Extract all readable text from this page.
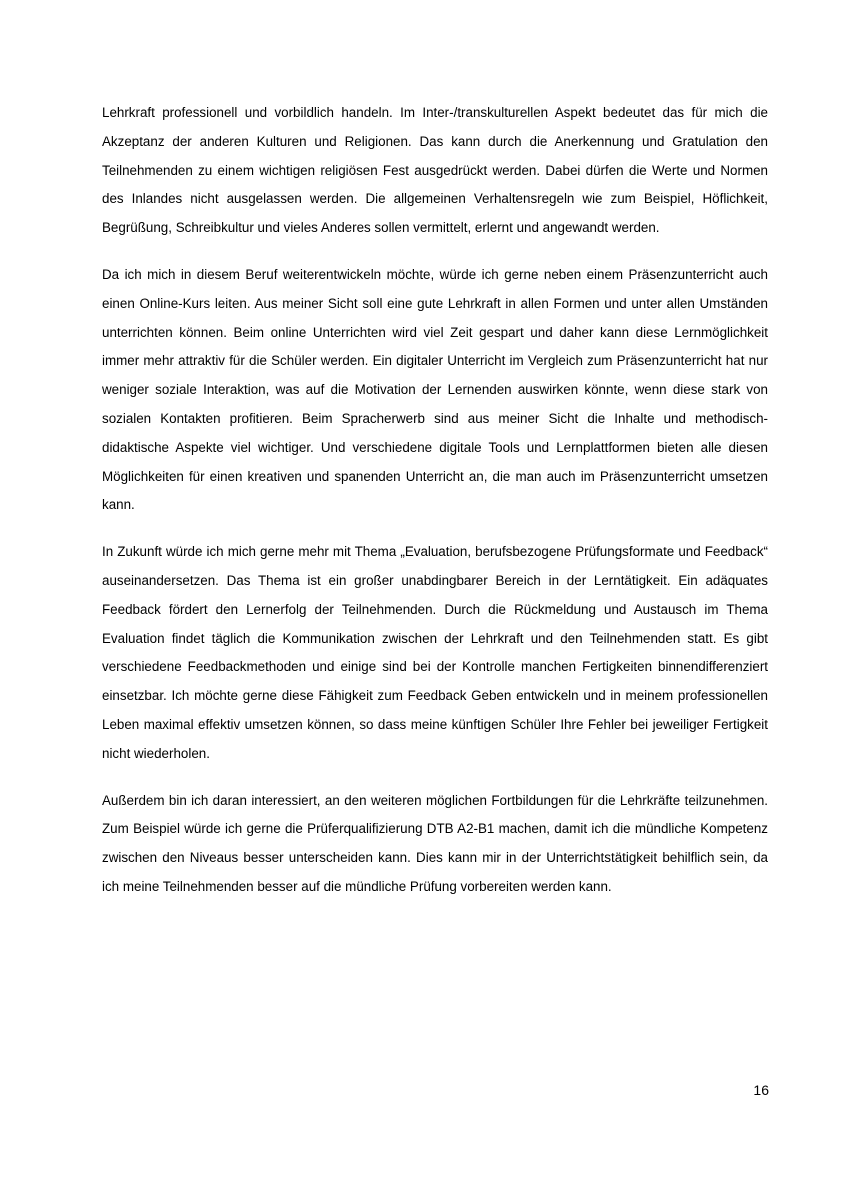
Lehrkraft professionell und vorbildlich handeln. Im Inter-/transkulturellen Aspekt bedeutet das für mich die Akzeptanz der anderen Kulturen und Religionen. Das kann durch die Anerkennung und Gratulation den Teilnehmenden zu einem wichtigen religiösen Fest ausgedrückt werden. Dabei dürfen die Werte und Normen des Inlandes nicht ausgelassen werden. Die allgemeinen Verhaltensregeln wie zum Beispiel, Höflichkeit, Begrüßung, Schreibkultur und vieles Anderes sollen vermittelt, erlernt und angewandt werden.

Da ich mich in diesem Beruf weiterentwickeln möchte, würde ich gerne neben einem Präsenzunterricht auch einen Online-Kurs leiten. Aus meiner Sicht soll eine gute Lehrkraft in allen Formen und unter allen Umständen unterrichten können. Beim online Unterrichten wird viel Zeit gespart und daher kann diese Lernmöglichkeit immer mehr attraktiv für die Schüler werden. Ein digitaler Unterricht im Vergleich zum Präsenzunterricht hat nur weniger soziale Interaktion, was auf die Motivation der Lernenden auswirken könnte, wenn diese stark von sozialen Kontakten profitieren. Beim Spracherwerb sind aus meiner Sicht die Inhalte und methodisch-didaktische Aspekte viel wichtiger. Und verschiedene digitale Tools und Lernplattformen bieten alle diesen Möglichkeiten für einen kreativen und spanenden Unterricht an, die man auch im Präsenzunterricht umsetzen kann.

In Zukunft würde ich mich gerne mehr mit Thema „Evaluation, berufsbezogene Prüfungsformate und Feedback“ auseinandersetzen. Das Thema ist ein großer unabdingbarer Bereich in der Lerntätigkeit. Ein adäquates Feedback fördert den Lernerfolg der Teilnehmenden. Durch die Rückmeldung und Austausch im Thema Evaluation findet täglich die Kommunikation zwischen der Lehrkraft und den Teilnehmenden statt. Es gibt verschiedene Feedbackmethoden und einige sind bei der Kontrolle manchen Fertigkeiten binnendifferenziert einsetzbar. Ich möchte gerne diese Fähigkeit zum Feedback Geben entwickeln und in meinem professionellen Leben maximal effektiv umsetzen können, so dass meine künftigen Schüler Ihre Fehler bei jeweiliger Fertigkeit nicht wiederholen.

Außerdem bin ich daran interessiert, an den weiteren möglichen Fortbildungen für die Lehrkräfte teilzunehmen. Zum Beispiel würde ich gerne die Prüferqualifizierung DTB A2-B1 machen, damit ich die mündliche Kompetenz zwischen den Niveaus besser unterscheiden kann. Dies kann mir in der Unterrichtstätigkeit behilflich sein, da ich meine Teilnehmenden besser auf die mündliche Prüfung vorbereiten werden kann.

16
